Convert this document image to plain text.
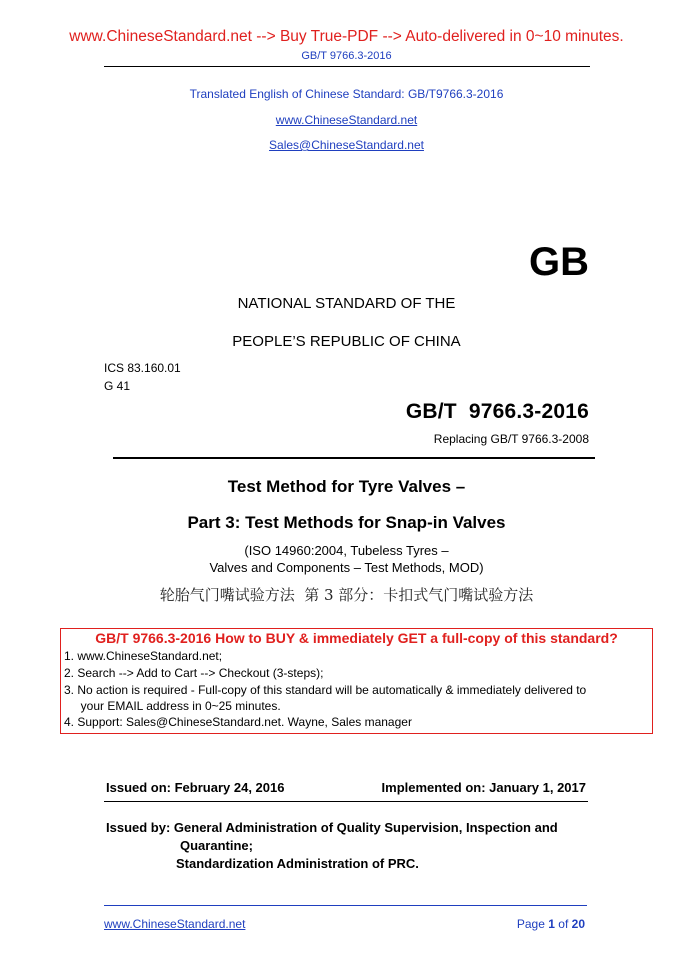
www.ChineseStandard.net --> Buy True-PDF --> Auto-delivered in 0~10 minutes.
GB/T 9766.3-2016
Translated English of Chinese Standard: GB/T9766.3-2016
www.ChineseStandard.net
Sales@ChineseStandard.net
GB
NATIONAL STANDARD OF THE
PEOPLE’S REPUBLIC OF CHINA
ICS 83.160.01
G 41
GB/T  9766.3-2016
Replacing GB/T 9766.3-2008
Test Method for Tyre Valves –
Part 3: Test Methods for Snap-in Valves
(ISO 14960:2004, Tubeless Tyres –
Valves and Components – Test Methods, MOD)
轮胎气门嘴试验方法  第 3 部分：卡扣式气门嘴试验方法
GB/T 9766.3-2016 How to BUY & immediately GET a full-copy of this standard?
1. www.ChineseStandard.net;
2. Search --> Add to Cart --> Checkout (3-steps);
3. No action is required - Full-copy of this standard will be automatically & immediately delivered to
your EMAIL address in 0~25 minutes.
4. Support: Sales@ChineseStandard.net. Wayne, Sales manager
Issued on: February 24, 2016	Implemented on: January 1, 2017
Issued by: General Administration of Quality Supervision, Inspection and
Quarantine;
Standardization Administration of PRC.
www.ChineseStandard.net	Page 1 of 20
